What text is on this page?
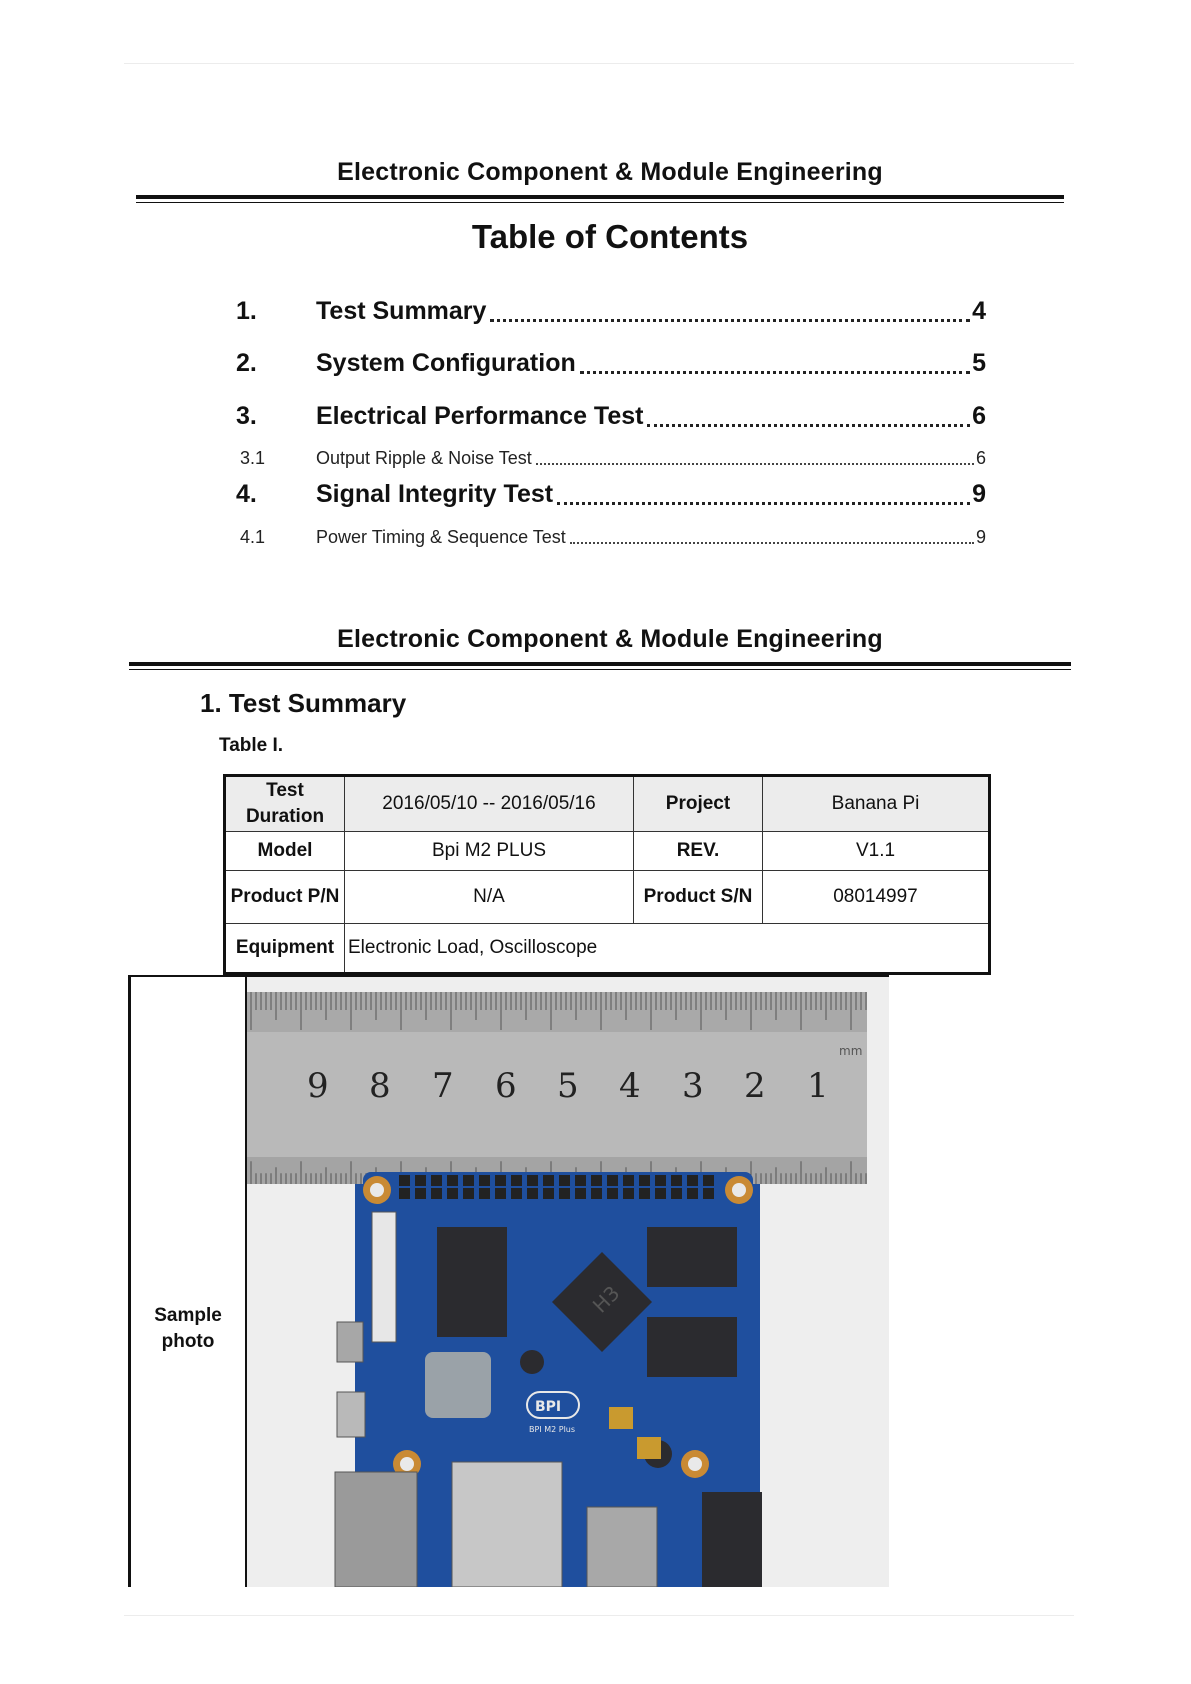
Electronic Component & Module Engineering
Table of Contents
1.	Test Summary	4
2.	System Configuration	5
3.	Electrical Performance Test	6
3.1	Output Ripple & Noise Test	6
4.	Signal Integrity Test	9
4.1	Power Timing & Sequence Test	9
Electronic Component & Module Engineering
1. Test Summary
Table I.
Test Duration	2016/05/10 -- 2016/05/16	Project	Banana Pi
Model	Bpi M2 PLUS	REV.	V1.1
Product P/N	N/A	Product S/N	08014997
Equipment	Electronic Load, Oscilloscope		
Sample photo
9 8 7 6 5 4 3 2 1
mm
H3
BPI
BPI M2 Plus
